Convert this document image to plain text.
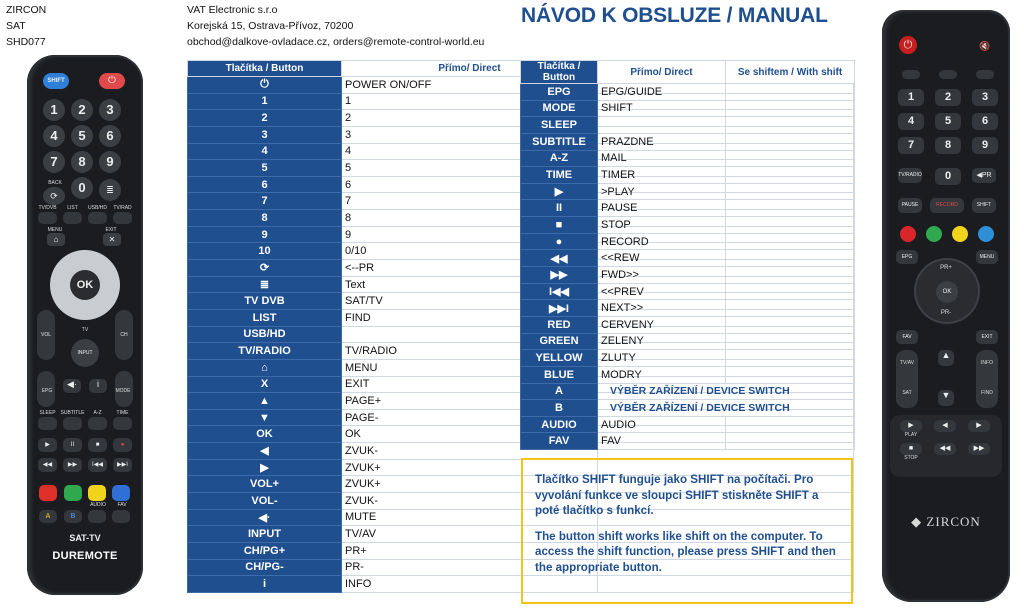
ZIRCON
SAT
SHD077
VAT Electronic s.r.o
Korejská 15, Ostrava-Přívoz, 70200
obchod@dalkove-ovladace.cz, orders@remote-control-world.eu
NÁVOD K OBSLUZE / MANUAL
Tlačítka / Button	Přímo/ Direct	
⏻	POWER ON/OFF	
1	1	
2	2	
3	3	
4	4	
5	5	
6	6	
7	7	
8	8	
9	9	
10	0/10	
⟳	<--PR	
≣	Text	
TV DVB	SAT/TV	
LIST	FIND	
USB/HD		
TV/RADIO	TV/RADIO	
⌂	MENU	
X	EXIT	
▲	PAGE+	
▼	PAGE-	
OK	OK	
◀	ZVUK-	
▶	ZVUK+	
VOL+	ZVUK+	
VOL-	ZVUK-	
◀·	MUTE	
INPUT	TV/AV	
CH/PG+	PR+	
CH/PG-	PR-	
i	INFO	
Tlačítka / Button	Přímo/ Direct	Se shiftem / With shift
EPG	EPG/GUIDE	
MODE	SHIFT	
SLEEP		
SUBTITLE	PRAZDNE	
A-Z	MAIL	
TIME	TIMER	
▶	>PLAY	
II	PAUSE	
■	STOP	
●	RECORD	
◀◀	<<REW	
▶▶	FWD>>	
I◀◀	<<PREV	
▶▶I	NEXT>>	
RED	CERVENY	
GREEN	ZELENY	
YELLOW	ZLUTY	
BLUE	MODRY	
A	VÝBĚR ZAŘÍZENÍ / DEVICE SWITCH	
B	VÝBĚR ZAŘÍZENÍ / DEVICE SWITCH	
AUDIO	AUDIO	
FAV	FAV	

Tlačítko SHIFT funguje jako SHIFT na počítači. Pro vyvolání funkce ve sloupci SHIFT stiskněte SHIFT a poté tlačítko s funkcí.

The button shift works like shift on the computer. To access the shift function, please press SHIFT and then the appropriate button.

SHIFT	⏻
1	2	3
4	5	6
7	8	9
0
⟳
≣
BACK
TV/DVB	LIST	USB/HD	TV/RAD
MENU	EXIT
⌂	✕
OK
TV
VOL	CH
INPUT
◀·	i
EPG	MODE
SLEEP SUBTITLE	A-Z	TIME
▶	II	■	●
◀◀	▶▶	I◀◀	▶▶I
AUDIO	FAV
A	B
SAT-TV
DUREMOTE
⏻	🔇
1	2	3
4	5	6
7	8	9
0
TV/RADIO	◀PR
PAUSE	RECORD	SHIFT
EPG	MENU
PR+
PR-
OK
FAV	EXIT
TV/AV
SAT
INFO
FIND
▲
▼
▶	◀	▶
■	◀◀	▶▶
PLAY
STOP
◆ ZIRCON
